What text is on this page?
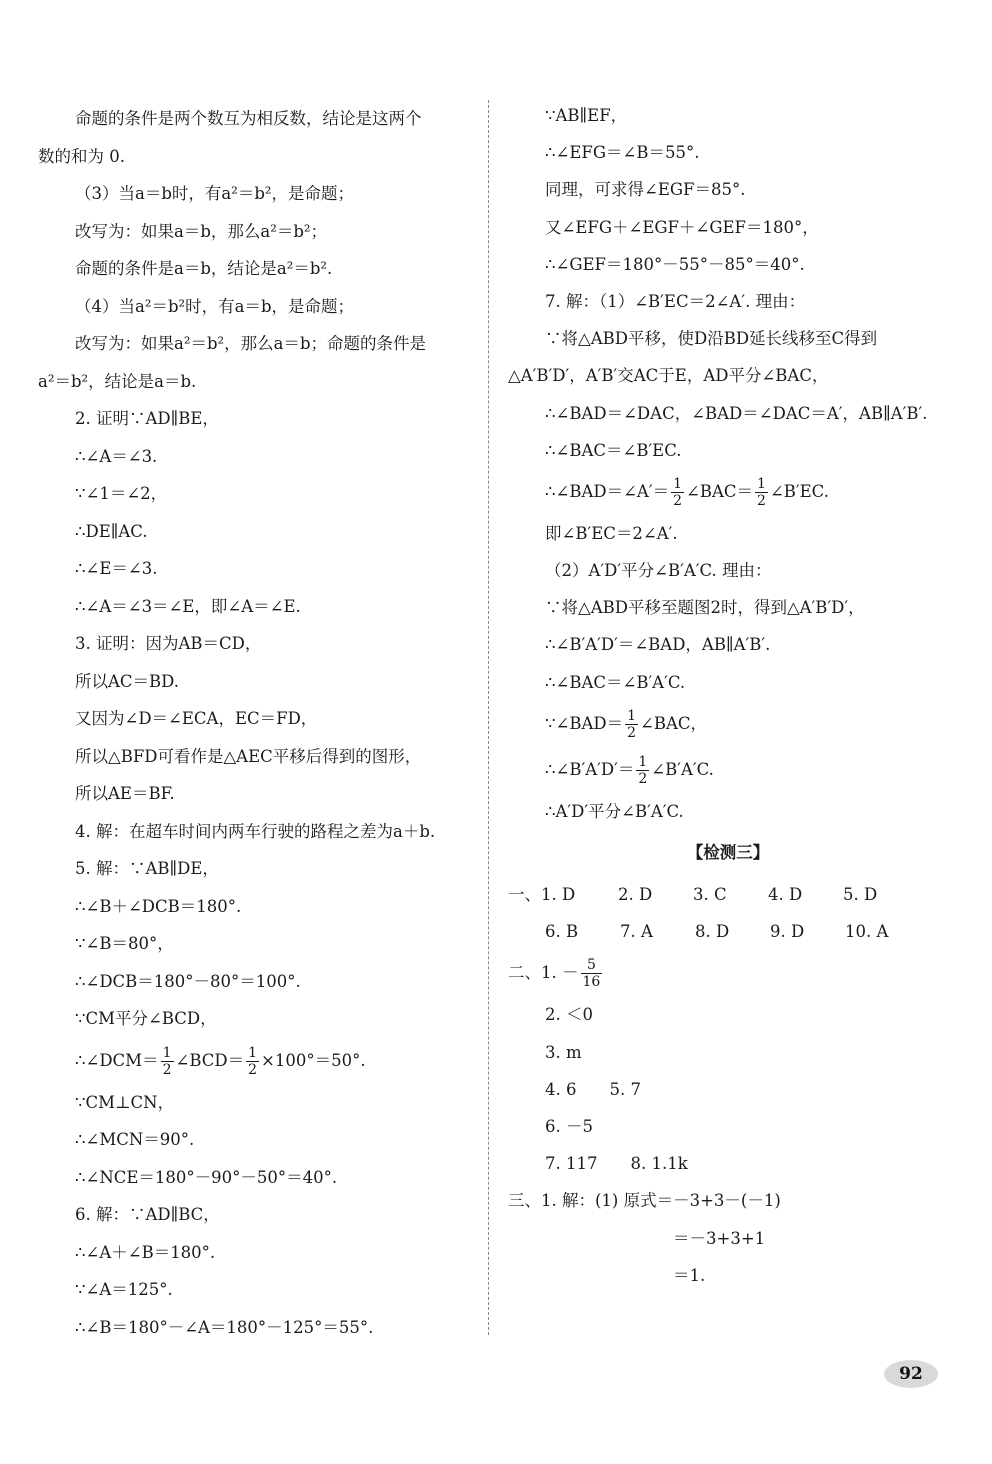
命题的条件是两个数互为相反数，结论是这两个
数的和为 0.
（3）当a＝b时，有a²＝b²，是命题；
改写为：如果a＝b，那么a²＝b²；
命题的条件是a＝b，结论是a²＝b².
（4）当a²＝b²时，有a＝b，是命题；
改写为：如果a²＝b²，那么a＝b；命题的条件是
a²＝b²，结论是a＝b.
2. 证明∵AD∥BE，
∴∠A＝∠3.
∵∠1＝∠2，
∴DE∥AC.
∴∠E＝∠3.
∴∠A＝∠3＝∠E，即∠A＝∠E.
3. 证明：因为AB＝CD，
所以AC＝BD.
又因为∠D＝∠ECA，EC＝FD，
所以△BFD可看作是△AEC平移后得到的图形，
所以AE＝BF.
4. 解：在超车时间内两车行驶的路程之差为a＋b.
5. 解：∵AB∥DE，
∴∠B＋∠DCB＝180°.
∵∠B＝80°，
∴∠DCB＝180°－80°＝100°.
∵CM平分∠BCD，
∴∠DCM＝ $\frac{1}{2}$ ∠BCD＝ $\frac{1}{2} \times 100^\circ=50^\circ$.
∵CM⊥CN，
∴∠MCN＝90°.
∴∠NCE＝180°－90°－50°＝40°.
6. 解：∵AD∥BC，
∴∠A＋∠B＝180°.
∵∠A＝125°.
∴∠B＝180°－∠A＝180°－125°＝55°.
∵AB∥EF，
∴∠EFG＝∠B＝55°.
同理，可求得∠EGF＝85°.
又∠EFG＋∠EGF＋∠GEF＝180°，
∴∠GEF＝180°－55°－85°＝40°.
7. 解：（1）∠B′EC＝2∠A′. 理由：
∵将△ABD平移，使D沿BD延长线移至C得到
△A′B′D′，A′B′交AC于E，AD平分∠BAC，
∴∠BAD＝∠DAC，∠BAD＝∠DAC＝A′，AB∥A′B′.
∴∠BAC＝∠B′EC.
∴∠BAD＝∠A′＝ $\frac{1}{2}$ ∠BAC＝ $\frac{1}{2}$ ∠B′EC.
即∠B′EC＝2∠A′.
（2）A′D′平分∠B′A′C. 理由：
∵将△ABD平移至题图2时，得到△A′B′D′，
∴∠B′A′D′＝∠BAD，AB∥A′B′.
∴∠BAC＝∠B′A′C.
∵∠BAD＝ $\frac{1}{2}$ ∠BAC，
∴∠B′A′D′＝ $\frac{1}{2}$ ∠B′A′C.
∴A′D′平分∠B′A′C.
【检测三】
一、1. D	2. D 3. C	4. D 5. D
6. B	7. A	8. D 9. D 10. A
二、1. － $\frac{5}{16}$
2. ＜0
3. m
4. 6　　5. 7
6. －5
7. 117　　8. 1.1k
三、1. 解：(1) 原式＝－3+3－(－1)
＝－3+3+1
＝1.
92
